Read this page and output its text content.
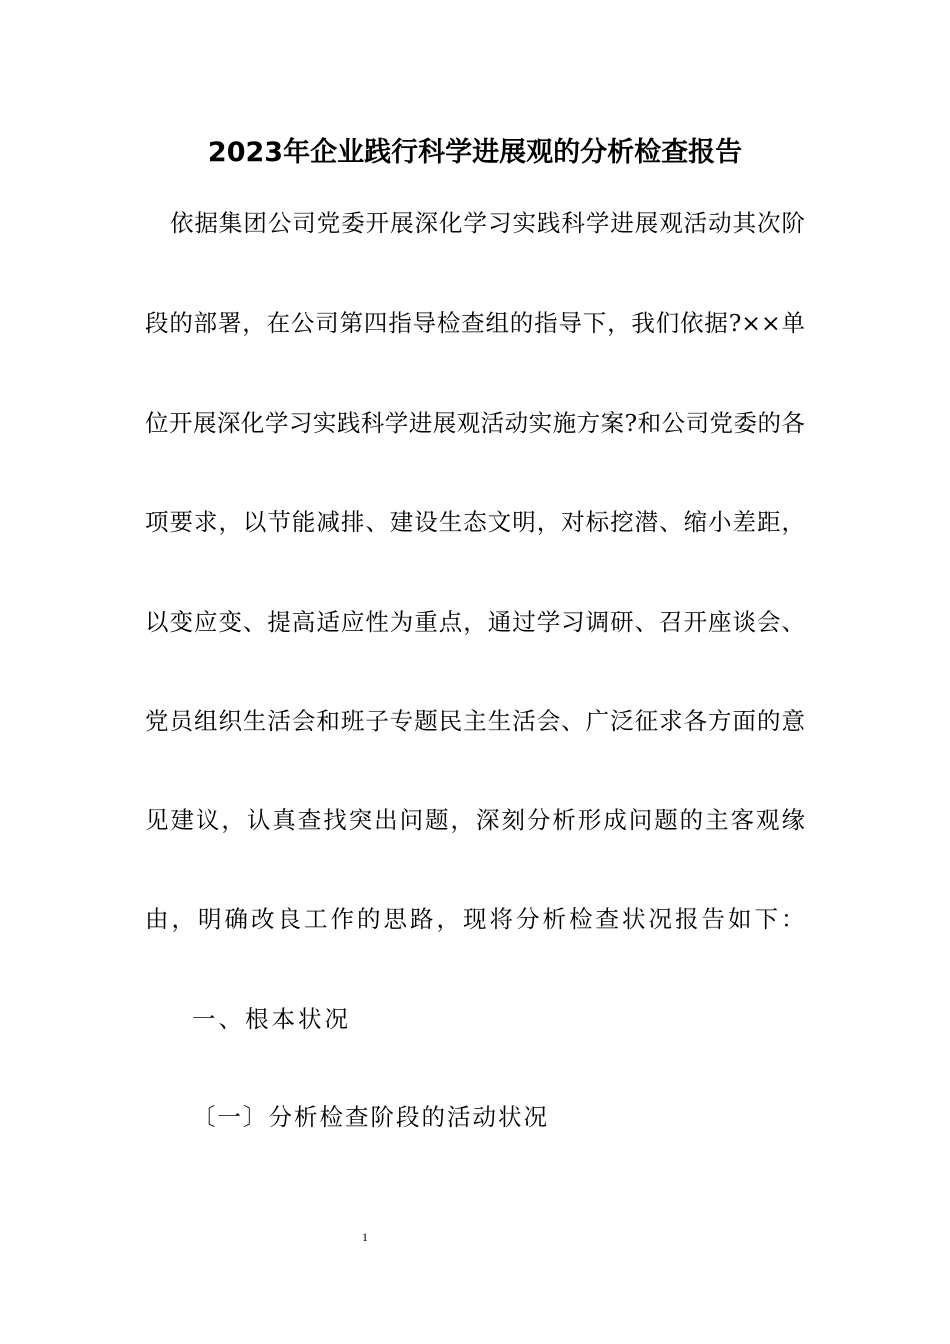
2023年企业践行科学进展观的分析检查报告

依据集团公司党委开展深化学习实践科学进展观活动其次阶

段的部署，在公司第四指导检查组的指导下，我们依据?××单

位开展深化学习实践科学进展观活动实施方案?和公司党委的各

项要求，以节能减排、建设生态文明，对标挖潜、缩小差距，

以变应变、提高适应性为重点，通过学习调研、召开座谈会、

党员组织生活会和班子专题民主生活会、广泛征求各方面的意

见建议，认真查找突出问题，深刻分析形成问题的主客观缘

由，明确改良工作的思路，现将分析检查状况报告如下：

一、根本状况

〔一〕分析检查阶段的活动状况

1
